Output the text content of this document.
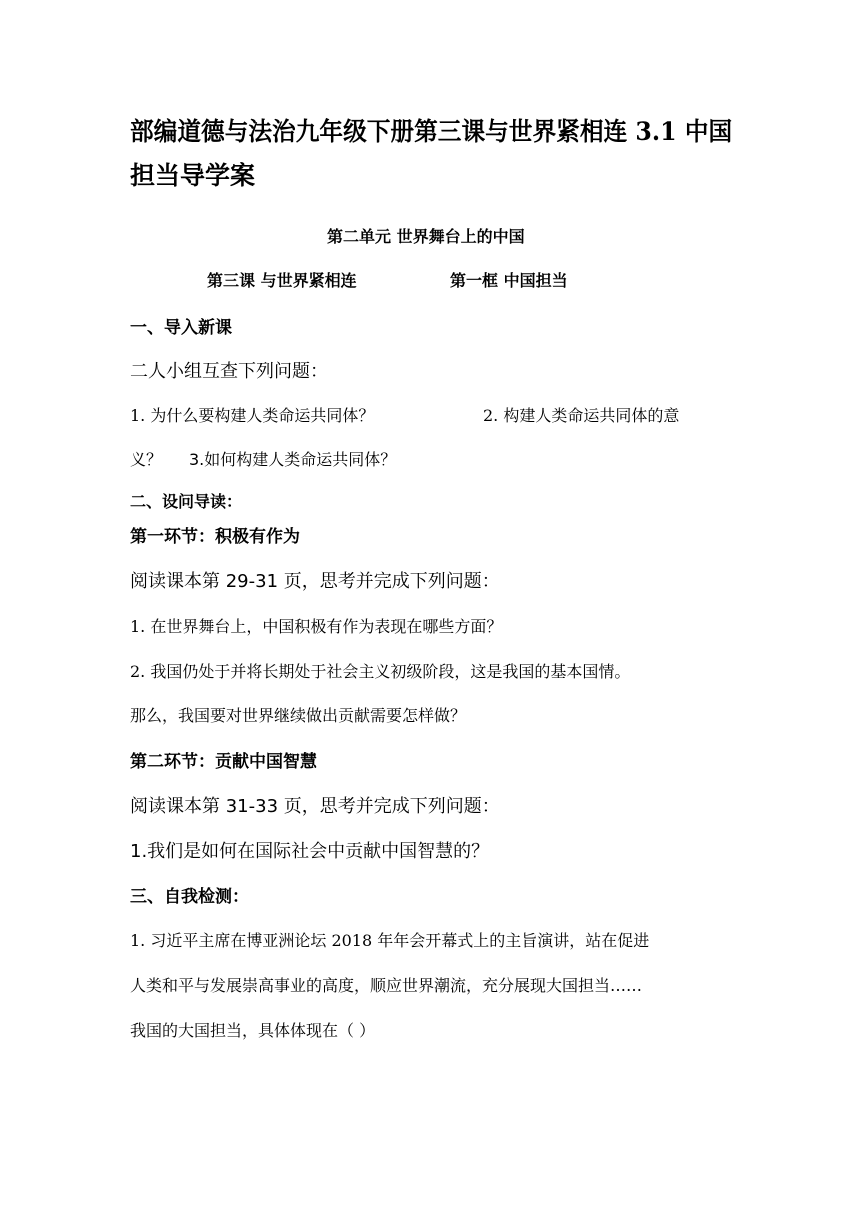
部编道德与法治九年级下册第三课与世界紧相连 3.1 中国
担当导学案
第二单元 世界舞台上的中国
第三课 与世界紧相连	第一框 中国担当
一、导入新课
二人小组互查下列问题：
1. 为什么要构建人类命运共同体？	2. 构建人类命运共同体的意
义？ 3.如何构建人类命运共同体？
二、设问导读：
第一环节：积极有作为
阅读课本第 29-31 页，思考并完成下列问题：
1. 在世界舞台上，中国积极有作为表现在哪些方面？
2. 我国仍处于并将长期处于社会主义初级阶段，这是我国的基本国情。
那么，我国要对世界继续做出贡献需要怎样做？
第二环节：贡献中国智慧
阅读课本第 31-33 页，思考并完成下列问题：
1.我们是如何在国际社会中贡献中国智慧的？
三、自我检测：
1. 习近平主席在博亚洲论坛 2018 年年会开幕式上的主旨演讲，站在促进
人类和平与发展崇高事业的高度，顺应世界潮流，充分展现大国担当……
我国的大国担当，具体体现在（ ）
